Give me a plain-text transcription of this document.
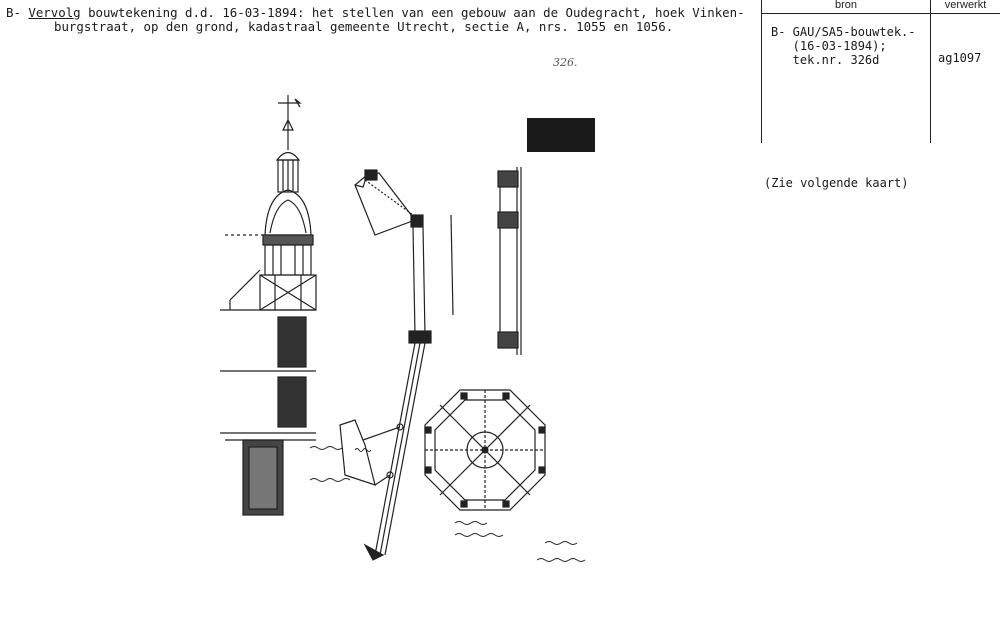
B- Vervolg bouwtekening d.d. 16-03-1894: het stellen van een gebouw aan de Oudegracht, hoek Vinken-
burgstraat, op den grond, kadastraal gemeente Utrecht, sectie A, nrs. 1055 en 1056.
bron	verwerkt
B- GAU/SA5-bouwtek.-
(16-03-1894);
tek.nr. 326d	ag1097
(Zie volgende kaart)
326.
